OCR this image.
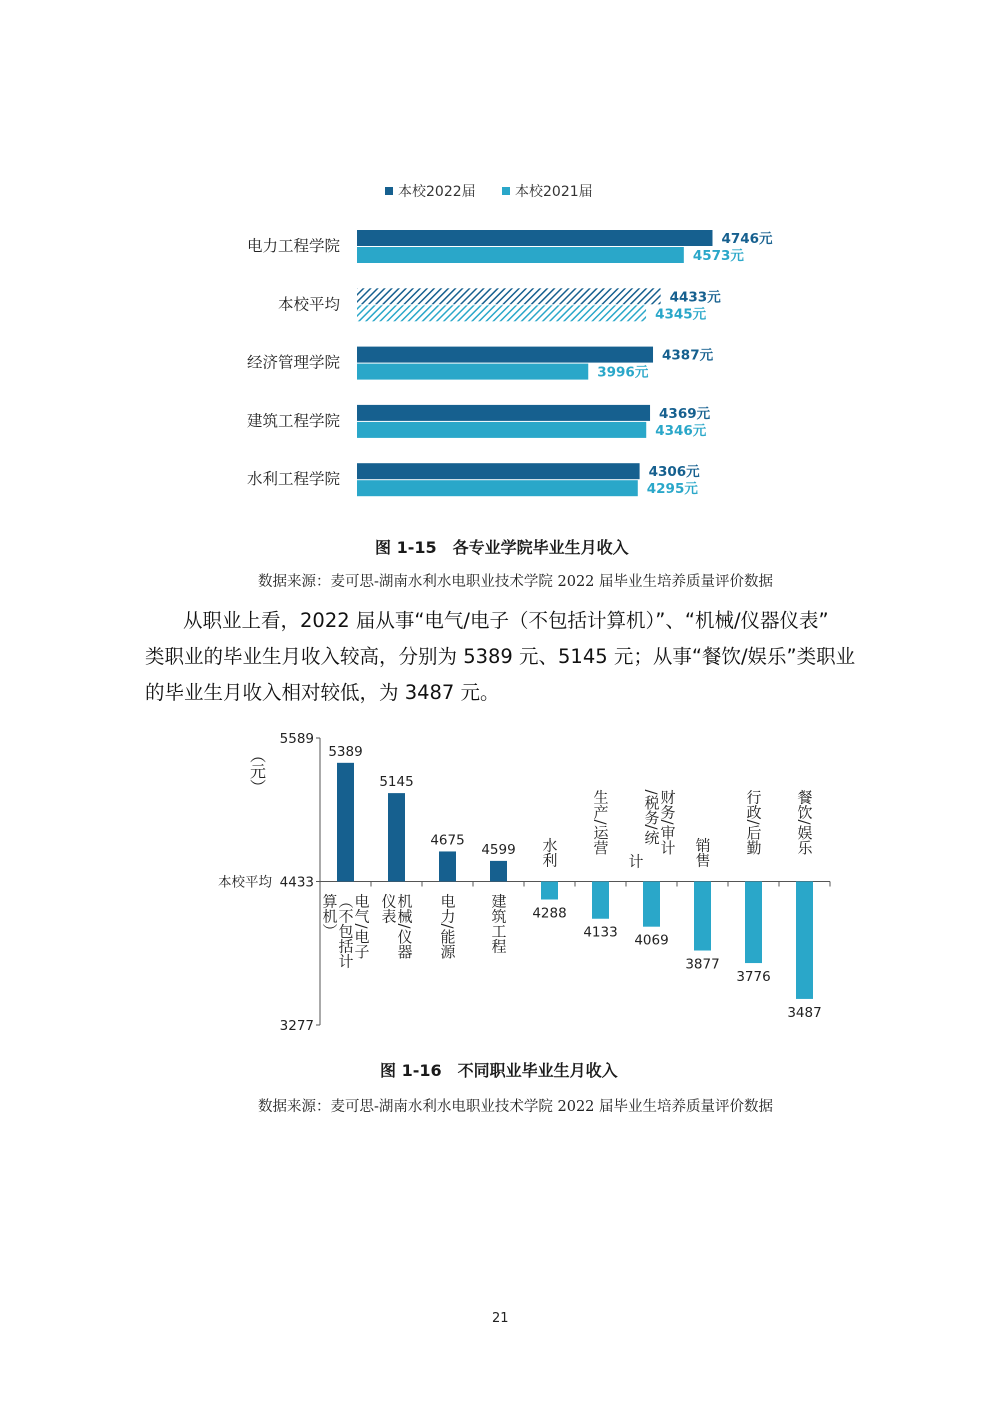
本校2022届	本校2021届
电力工程学院	4746元
4573元
本校平均	4433元
4345元
经济管理学院	4387元
3996元
建筑工程学院	4369元
4346元
水利工程学院	4306元
4295元
图 1-15　各专业学院毕业生月收入
数据来源：麦可思-湖南水利水电职业技术学院 2022 届毕业生培养质量评价数据
从职业上看，2022 届从事“电气/电子（不包括计算机）”、“机械/仪器仪表”
类职业的毕业生月收入较高，分别为 5389 元、5145 元；从事“餐饮/娱乐”类职业
的毕业生月收入相对较低，为 3487 元。
（元）
5589
4433
3277
本校平均
5389
电气/电子
（不包括计
算机）
5145
机械/仪器
仪表
4675
电力/能源
4599
建筑工程 4288
水利
4133
生产/运营
4069
财务/审计
/税务/统
计
3877
销售
3776
行政/后勤
3487
餐饮/娱乐
图 1-16　不同职业毕业生月收入
数据来源：麦可思-湖南水利水电职业技术学院 2022 届毕业生培养质量评价数据
21
